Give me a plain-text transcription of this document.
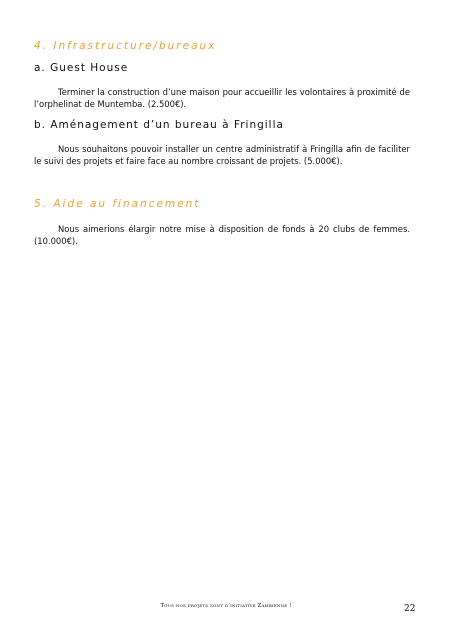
4. Infrastructure/bureaux
a. Guest House

Terminer la construction d’une maison pour accueillir les volontaires à proximité de l’orphelinat de Muntemba. (2.500€).

b. Aménagement d’un bureau à Fringilla

Nous souhaitons pouvoir installer un centre administratif à Fringilla afin de faciliter le suivi des projets et faire face au nombre croissant de projets. (5.000€).

5. Aide au financement

Nous aimerions élargir notre mise à disposition de fonds à 20 clubs de femmes. (10.000€).

Tous nos projets sont d’initiative Zambienne !	22
